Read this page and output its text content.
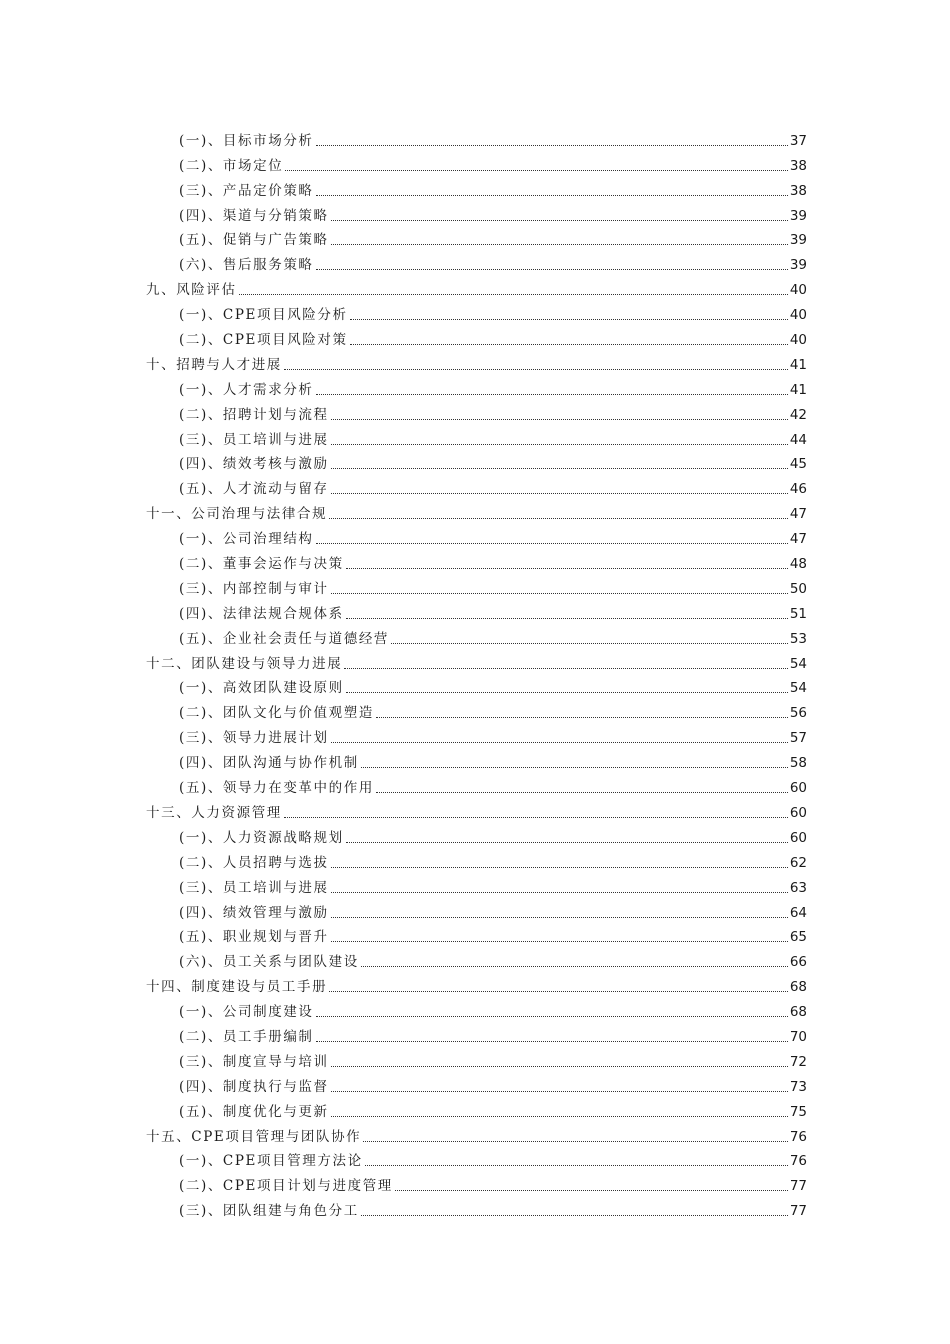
(一)、目标市场分析	37
(二)、市场定位	38
(三)、产品定价策略	38
(四)、渠道与分销策略	39
(五)、促销与广告策略	39
(六)、售后服务策略	39
九、风险评估	40
(一)、CPE项目风险分析	40
(二)、CPE项目风险对策	40
十、招聘与人才进展	41
(一)、人才需求分析	41
(二)、招聘计划与流程	42
(三)、员工培训与进展	44
(四)、绩效考核与激励	45
(五)、人才流动与留存	46
十一、公司治理与法律合规	47
(一)、公司治理结构	47
(二)、董事会运作与决策	48
(三)、内部控制与审计	50
(四)、法律法规合规体系	51
(五)、企业社会责任与道德经营	53
十二、团队建设与领导力进展	54
(一)、高效团队建设原则	54
(二)、团队文化与价值观塑造	56
(三)、领导力进展计划	57
(四)、团队沟通与协作机制	58
(五)、领导力在变革中的作用	60
十三、人力资源管理	60
(一)、人力资源战略规划	60
(二)、人员招聘与选拔	62
(三)、员工培训与进展	63
(四)、绩效管理与激励	64
(五)、职业规划与晋升	65
(六)、员工关系与团队建设	66
十四、制度建设与员工手册	68
(一)、公司制度建设	68
(二)、员工手册编制	70
(三)、制度宣导与培训	72
(四)、制度执行与监督	73
(五)、制度优化与更新	75
十五、CPE项目管理与团队协作	76
(一)、CPE项目管理方法论	76
(二)、CPE项目计划与进度管理	77
(三)、团队组建与角色分工	77
